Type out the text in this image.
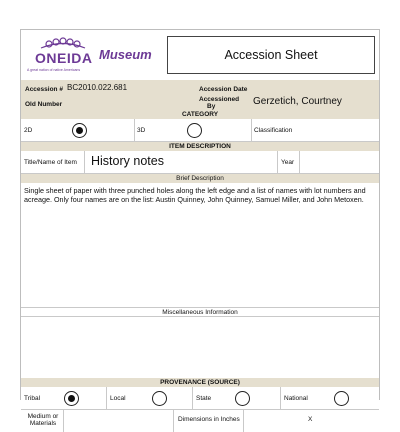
ONEIDA
A great nation of native Americans
Museum	Accession Sheet
Accession # BC2010.022.681	Accession Date
Old Number
Accessioned
By	Gerzetich, Courtney
CATEGORY
2D	3D	Classification
ITEM DESCRIPTION
Title/Name of Item History notes	Year
Brief Description
Single sheet of paper with three punched holes along the left edge and a list of names with lot numbers and acreage. Only four names are on the list: Austin Quinney, John Quinney, Samuel Miller, and John Metoxen.
Miscellaneous Information
PROVENANCE (SOURCE)
Tribal	Local	State	National
Medium or
Materials
Dimensions in Inches	X
